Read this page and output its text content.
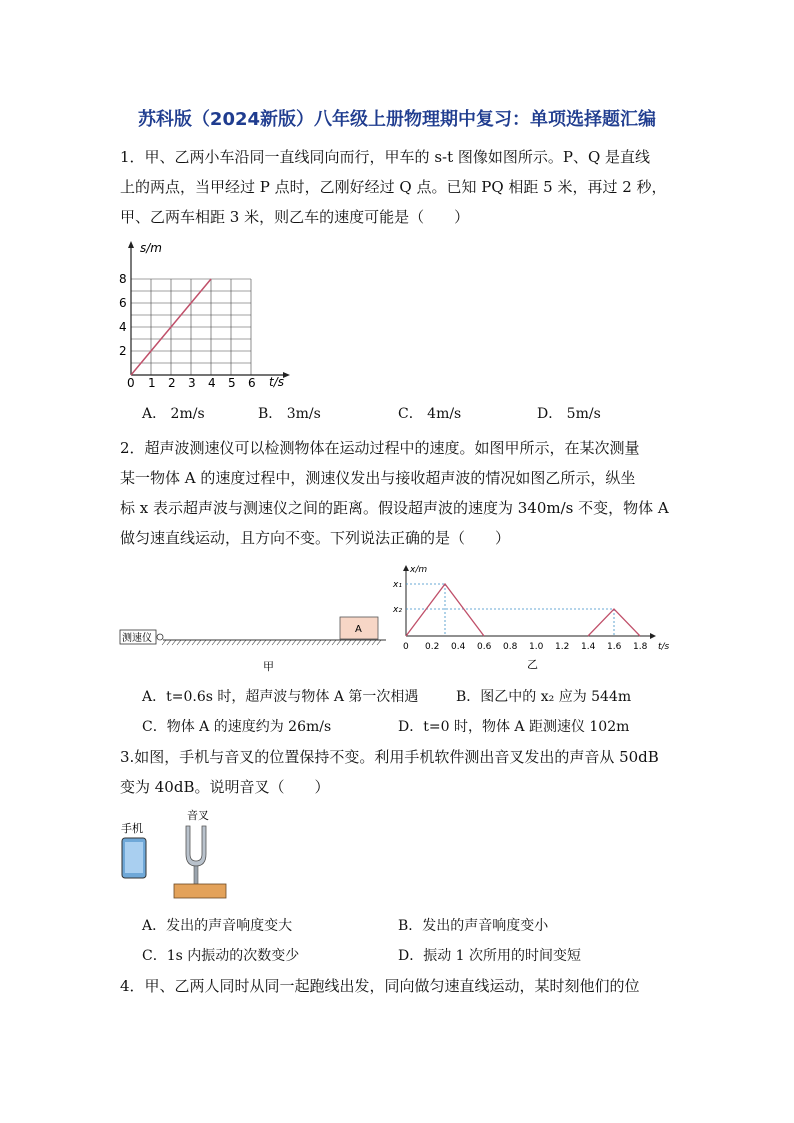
苏科版（2024新版）八年级上册物理期中复习：单项选择题汇编
1．甲、乙两小车沿同一直线同向而行，甲车的 s-t 图像如图所示。P、Q 是直线
上的两点，当甲经过 P 点时，乙刚好经过 Q 点。已知 PQ 相距 5 米，再过 2 秒，
甲、乙两车相距 3 米，则乙车的速度可能是（　　）
s/m
t/s
0 1 2 3 4 5 6
2
4
6
8
A． 2m/s	B． 3m/s	C． 4m/s	D． 5m/s
2．超声波测速仪可以检测物体在运动过程中的速度。如图甲所示，在某次测量
某一物体 A 的速度过程中，测速仪发出与接收超声波的情况如图乙所示，纵坐
标 x 表示超声波与测速仪之间的距离。假设超声波的速度为 340m/s 不变，物体 A
做匀速直线运动，且方向不变。下列说法正确的是（　　）
测速仪
A
甲
x/m
t/s
x₁
x₂
0 0.2 0.4 0.6 0.8 1.0 1.2 1.4 1.6 1.8
乙
A．t=0.6s 时，超声波与物体 A 第一次相遇	B．图乙中的 x₂ 应为 544m
C．物体 A 的速度约为 26m/s	D．t=0 时，物体 A 距测速仪 102m
3.如图，手机与音叉的位置保持不变。利用手机软件测出音叉发出的声音从 50dB
变为 40dB。说明音叉（　　）
手机
音叉
A．发出的声音响度变大	B．发出的声音响度变小
C．1s 内振动的次数变少	D．振动 1 次所用的时间变短
4．甲、乙两人同时从同一起跑线出发，同向做匀速直线运动，某时刻他们的位
